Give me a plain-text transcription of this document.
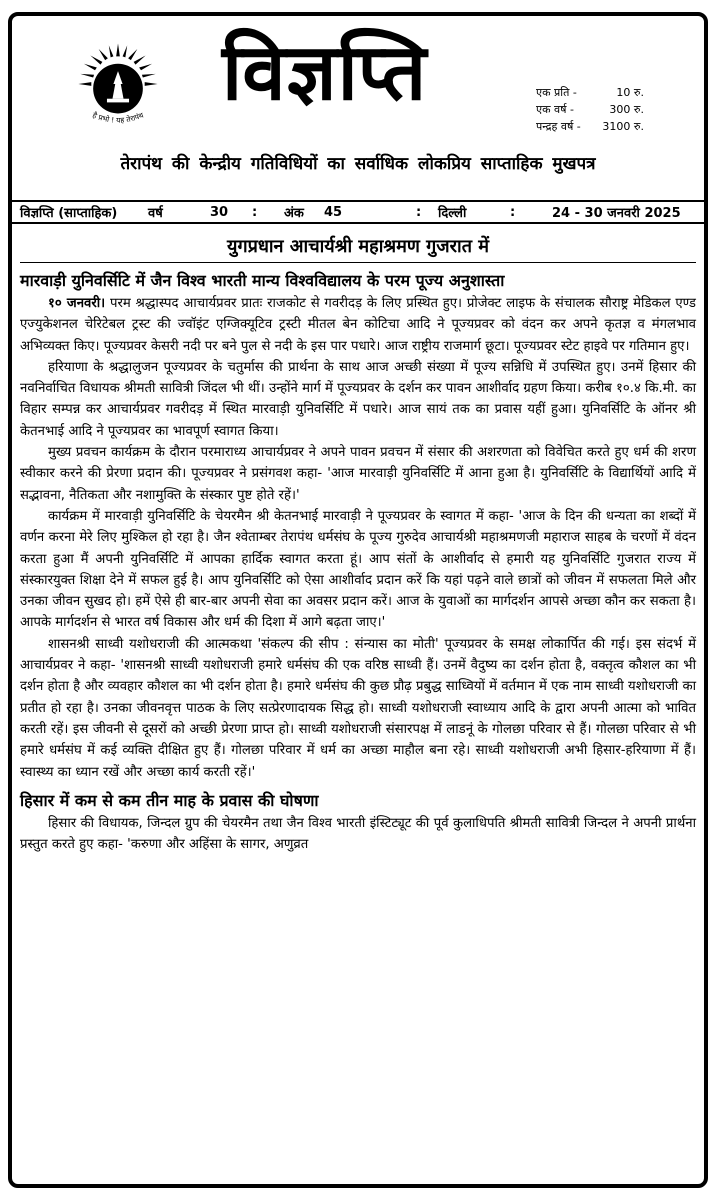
है प्रभो ! यह तेरापंथ विज्ञप्ति	एक प्रति -	10 रु.
एक वर्ष -	300 रु.
पन्द्रह वर्ष - 3100 रु.
तेरापंथ की केन्द्रीय गतिविधियों का सर्वाधिक लोकप्रिय साप्ताहिक मुखपत्र
विज्ञप्ति (साप्ताहिक)	वर्ष	30	:	अंक	45	:	दिल्ली	:	24 - 30 जनवरी 2025
युगप्रधान आचार्यश्री महाश्रमण गुजरात में
मारवाड़ी युनिवर्सिटि में जैन विश्व भारती मान्य विश्वविद्यालय के परम पूज्य अनुशास्ता

१० जनवरी। परम श्रद्धास्पद आचार्यप्रवर प्रातः राजकोट से गवरीदड़ के लिए प्रस्थित हुए। प्रोजेक्ट लाइफ के संचालक सौराष्ट्र मेडिकल एण्ड एज्युकेशनल चेरिटेबल ट्रस्ट की ज्वॉइंट एग्जिक्यूटिव ट्रस्टी मीतल बेन कोटिचा आदि ने पूज्यप्रवर को वंदन कर अपने कृतज्ञ व मंगलभाव अभिव्यक्त किए। पूज्यप्रवर केसरी नदी पर बने पुल से नदी के इस पार पधारे। आज राष्ट्रीय राजमार्ग छूटा। पूज्यप्रवर स्टेट हाइवे पर गतिमान हुए।

हरियाणा के श्रद्धालुजन पूज्यप्रवर के चतुर्मास की प्रार्थना के साथ आज अच्छी संख्या में पूज्य सन्निधि में उपस्थित हुए। उनमें हिसार की नवनिर्वाचित विधायक श्रीमती सावित्री जिंदल भी थीं। उन्होंने मार्ग में पूज्यप्रवर के दर्शन कर पावन आशीर्वाद ग्रहण किया। करीब १०.४ कि.मी. का विहार सम्पन्न कर आचार्यप्रवर गवरीदड़ में स्थित मारवाड़ी युनिवर्सिटि में पधारे। आज सायं तक का प्रवास यहीं हुआ। युनिवर्सिटि के ऑनर श्री केतनभाई आदि ने पूज्यप्रवर का भावपूर्ण स्वागत किया।

मुख्य प्रवचन कार्यक्रम के दौरान परमाराध्य आचार्यप्रवर ने अपने पावन प्रवचन में संसार की अशरणता को विवेचित करते हुए धर्म की शरण स्वीकार करने की प्रेरणा प्रदान की। पूज्यप्रवर ने प्रसंगवश कहा- 'आज मारवाड़ी युनिवर्सिटि में आना हुआ है। युनिवर्सिटि के विद्यार्थियों आदि में सद्भावना, नैतिकता और नशामुक्ति के संस्कार पुष्ट होते रहें।'

कार्यक्रम में मारवाड़ी युनिवर्सिटि के चेयरमैन श्री केतनभाई मारवाड़ी ने पूज्यप्रवर के स्वागत में कहा- 'आज के दिन की धन्यता का शब्दों में वर्णन करना मेरे लिए मुश्किल हो रहा है। जैन श्वेताम्बर तेरापंथ धर्मसंघ के पूज्य गुरुदेव आचार्यश्री महाश्रमणजी महाराज साहब के चरणों में वंदन करता हुआ मैं अपनी युनिवर्सिटि में आपका हार्दिक स्वागत करता हूं। आप संतों के आशीर्वाद से हमारी यह युनिवर्सिटि गुजरात राज्य में संस्कारयुक्त शिक्षा देने में सफल हुई है। आप युनिवर्सिटि को ऐसा आशीर्वाद प्रदान करें कि यहां पढ़ने वाले छात्रों को जीवन में सफलता मिले और उनका जीवन सुखद हो। हमें ऐसे ही बार-बार अपनी सेवा का अवसर प्रदान करें। आज के युवाओं का मार्गदर्शन आपसे अच्छा कौन कर सकता है। आपके मार्गदर्शन से भारत वर्ष विकास और धर्म की दिशा में आगे बढ़ता जाए।'

शासनश्री साध्वी यशोधराजी की आत्मकथा 'संकल्प की सीप : संन्यास का मोती' पूज्यप्रवर के समक्ष लोकार्पित की गई। इस संदर्भ में आचार्यप्रवर ने कहा- 'शासनश्री साध्वी यशोधराजी हमारे धर्मसंघ की एक वरिष्ठ साध्वी हैं। उनमें वैदुष्य का दर्शन होता है, वक्तृत्व कौशल का भी दर्शन होता है और व्यवहार कौशल का भी दर्शन होता है। हमारे धर्मसंघ की कुछ प्रौढ़ प्रबुद्ध साध्वियों में वर्तमान में एक नाम साध्वी यशोधराजी का प्रतीत हो रहा है। उनका जीवनवृत्त पाठक के लिए सत्प्रेरणादायक सिद्ध हो। साध्वी यशोधराजी स्वाध्याय आदि के द्वारा अपनी आत्मा को भावित करती रहें। इस जीवनी से दूसरों को अच्छी प्रेरणा प्राप्त हो। साध्वी यशोधराजी संसारपक्ष में लाडनूं के गोलछा परिवार से हैं। गोलछा परिवार से भी हमारे धर्मसंघ में कई व्यक्ति दीक्षित हुए हैं। गोलछा परिवार में धर्म का अच्छा माहौल बना रहे। साध्वी यशोधराजी अभी हिसार-हरियाणा में हैं। स्वास्थ्य का ध्यान रखें और अच्छा कार्य करती रहें।'

हिसार में कम से कम तीन माह के प्रवास की घोषणा

हिसार की विधायक, जिन्दल ग्रुप की चेयरमैन तथा जैन विश्व भारती इंस्टिट्यूट की पूर्व कुलाधिपति श्रीमती सावित्री जिन्दल ने अपनी प्रार्थना प्रस्तुत करते हुए कहा- 'करुणा और अहिंसा के सागर, अणुव्रत
